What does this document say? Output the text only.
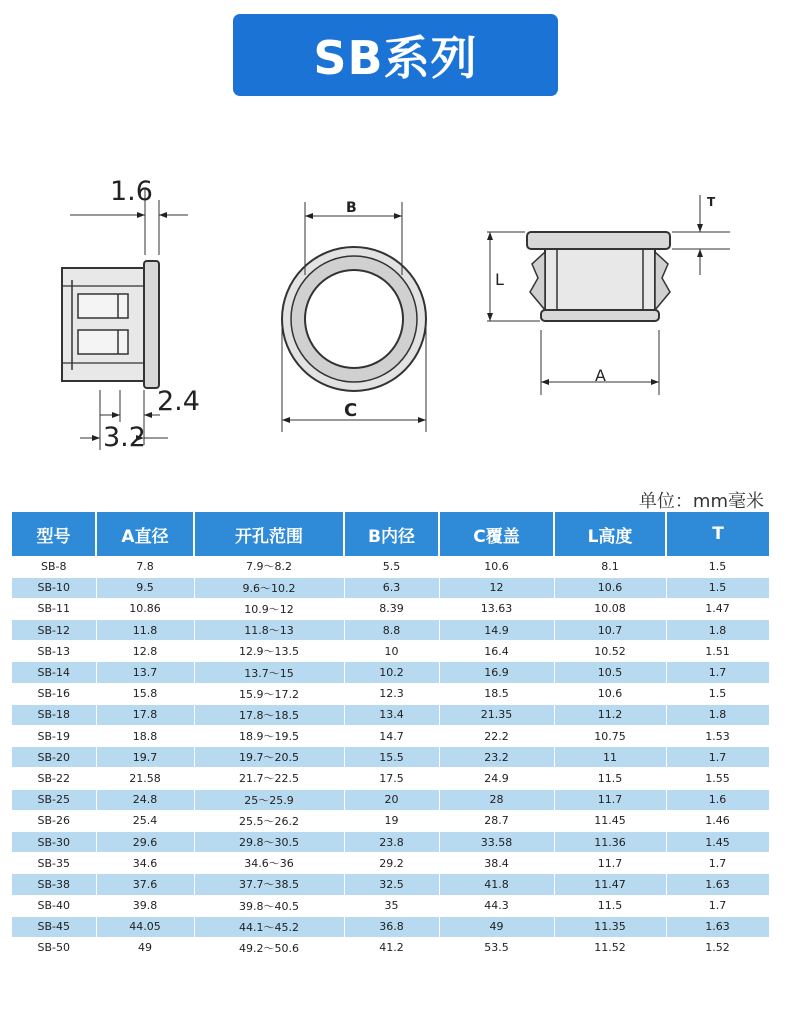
SB系列
1.6
2.4
3.2
B
C
T
L
A
单位：mm毫米
型号	A直径	开孔范围	B内径	C覆盖	L高度	T
SB-8	7.8	7.9～8.2	5.5	10.6	8.1	1.5
SB-10	9.5	9.6～10.2	6.3	12	10.6	1.5
SB-11	10.86	10.9～12	8.39	13.63	10.08	1.47
SB-12	11.8	11.8～13	8.8	14.9	10.7	1.8
SB-13	12.8	12.9～13.5	10	16.4	10.52	1.51
SB-14	13.7	13.7～15	10.2	16.9	10.5	1.7
SB-16	15.8	15.9～17.2	12.3	18.5	10.6	1.5
SB-18	17.8	17.8～18.5	13.4	21.35	11.2	1.8
SB-19	18.8	18.9～19.5	14.7	22.2	10.75	1.53
SB-20	19.7	19.7～20.5	15.5	23.2	11	1.7
SB-22	21.58	21.7～22.5	17.5	24.9	11.5	1.55
SB-25	24.8	25～25.9	20	28	11.7	1.6
SB-26	25.4	25.5～26.2	19	28.7	11.45	1.46
SB-30	29.6	29.8～30.5	23.8	33.58	11.36	1.45
SB-35	34.6	34.6～36	29.2	38.4	11.7	1.7
SB-38	37.6	37.7～38.5	32.5	41.8	11.47	1.63
SB-40	39.8	39.8～40.5	35	44.3	11.5	1.7
SB-45	44.05	44.1～45.2	36.8	49	11.35	1.63
SB-50	49	49.2～50.6	41.2	53.5	11.52	1.52
